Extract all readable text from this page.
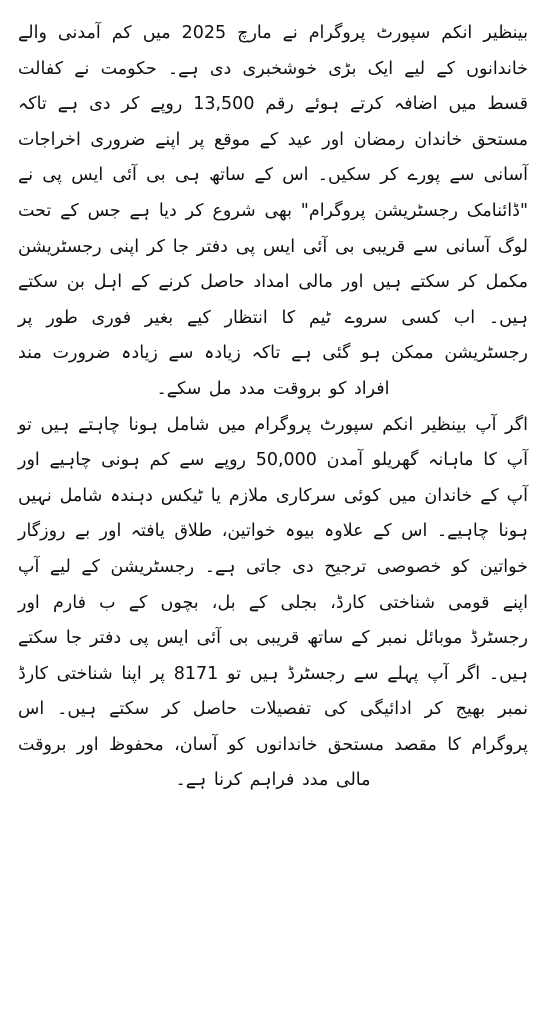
بینظیر انکم سپورٹ پروگرام نے مارچ 2025 میں کم آمدنی والے خاندانوں کے لیے ایک بڑی خوشخبری دی ہے۔ حکومت نے کفالت قسط میں اضافہ کرتے ہوئے رقم 13,500 روپے کر دی ہے تاکہ مستحق خاندان رمضان اور عید کے موقع پر اپنے ضروری اخراجات آسانی سے پورے کر سکیں۔ اس کے ساتھ ہی بی آئی ایس پی نے "ڈائنامک رجسٹریشن پروگرام" بھی شروع کر دیا ہے جس کے تحت لوگ آسانی سے قریبی بی آئی ایس پی دفتر جا کر اپنی رجسٹریشن مکمل کر سکتے ہیں اور مالی امداد حاصل کرنے کے اہل بن سکتے ہیں۔ اب کسی سروے ٹیم کا انتظار کیے بغیر فوری طور پر رجسٹریشن ممکن ہو گئی ہے تاکہ زیادہ سے زیادہ ضرورت مند افراد کو بروقت مدد مل سکے۔

اگر آپ بینظیر انکم سپورٹ پروگرام میں شامل ہونا چاہتے ہیں تو آپ کا ماہانہ گھریلو آمدن 50,000 روپے سے کم ہونی چاہیے اور آپ کے خاندان میں کوئی سرکاری ملازم یا ٹیکس دہندہ شامل نہیں ہونا چاہیے۔ اس کے علاوہ بیوہ خواتین، طلاق یافتہ اور بے روزگار خواتین کو خصوصی ترجیح دی جاتی ہے۔ رجسٹریشن کے لیے آپ اپنے قومی شناختی کارڈ، بجلی کے بل، بچوں کے ب فارم اور رجسٹرڈ موبائل نمبر کے ساتھ قریبی بی آئی ایس پی دفتر جا سکتے ہیں۔ اگر آپ پہلے سے رجسٹرڈ ہیں تو 8171 پر اپنا شناختی کارڈ نمبر بھیج کر ادائیگی کی تفصیلات حاصل کر سکتے ہیں۔ اس پروگرام کا مقصد مستحق خاندانوں کو آسان، محفوظ اور بروقت مالی مدد فراہم کرنا ہے۔
